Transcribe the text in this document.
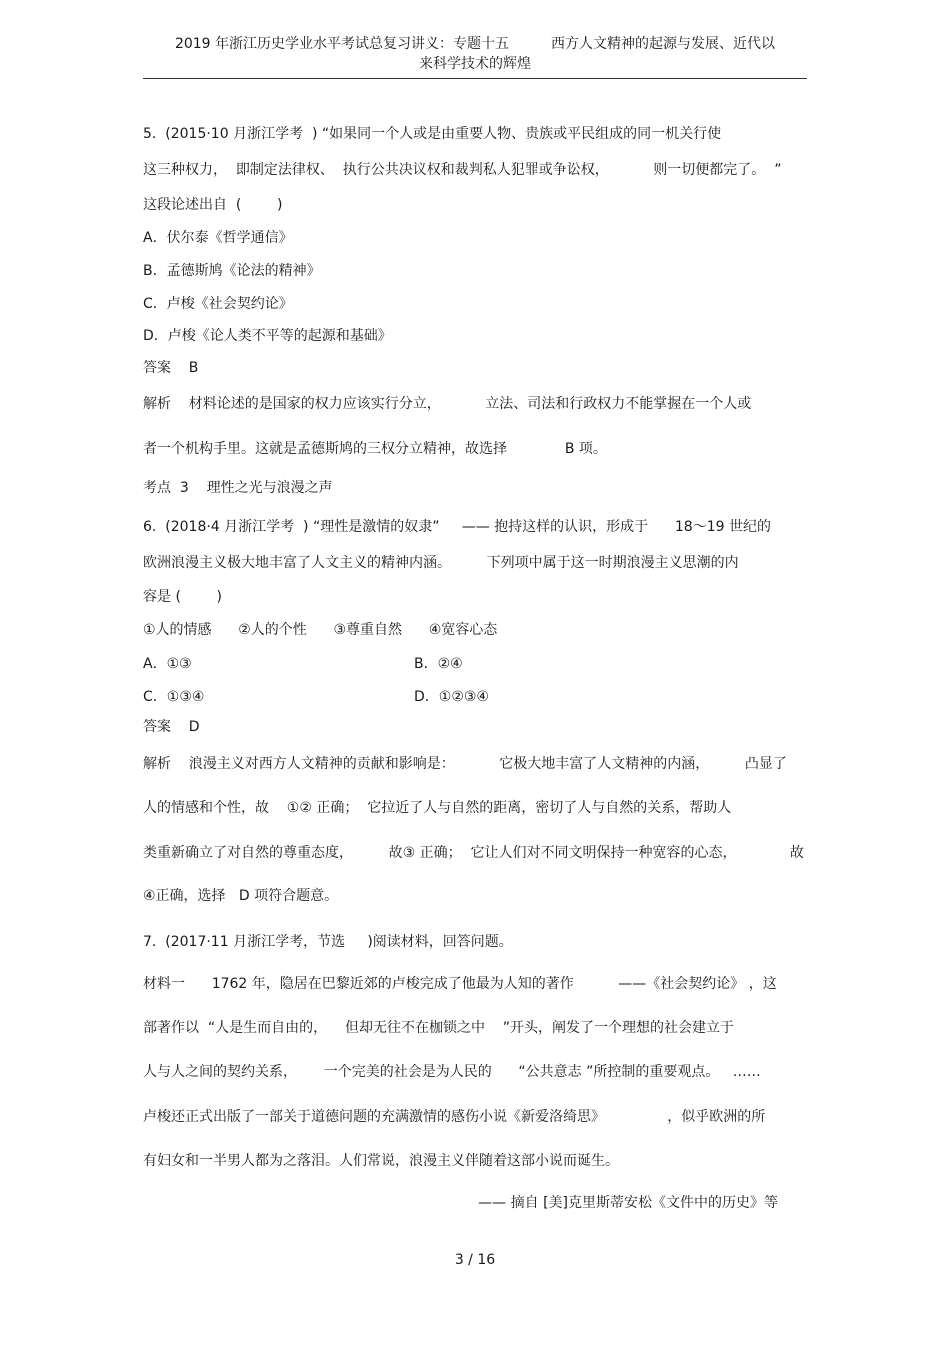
2019 年浙江历史学业水平考试总复习讲义：专题十五　　　西方人文精神的起源与发展、近代以
来科学技术的辉煌
5.  (2015·10 月浙江学考  ) “如果同一个人或是由重要人物、贵族或平民组成的同一机关行使
这三种权力，  即制定法律权、  执行公共决议权和裁判私人犯罪或争讼权，          则一切便都完了。  ”
这段论述出自  (        )
A．伏尔泰《哲学通信》
B．孟德斯鸠《论法的精神》
C．卢梭《社会契约论》
D．卢梭《论人类不平等的起源和基础》
答案    B
解析    材料论述的是国家的权力应该实行分立，          立法、司法和行政权力不能掌握在一个人或
者一个机构手里。这就是孟德斯鸠的三权分立精神，故选择             B 项。
考点  3    理性之光与浪漫之声
6.  (2018·4 月浙江学考  ) “理性是激情的奴隶”     —— 抱持这样的认识，形成于      18～19 世纪的
欧洲浪漫主义极大地丰富了人文主义的精神内涵。        下列项中属于这一时期浪漫主义思潮的内
容是 (        )
①人的情感      ②人的个性      ③尊重自然      ④宽容心态
A．①③	B．②④
C．①③④	D．①②③④
答案    D
解析    浪漫主义对西方人文精神的贡献和影响是：          它极大地丰富了人文精神的内涵，        凸显了
人的情感和个性，故    ①② 正确；  它拉近了人与自然的距离，密切了人与自然的关系，帮助人
类重新确立了对自然的尊重态度，        故③ 正确；  它让人们对不同文明保持一种宽容的心态，            故
④正确，选择   D 项符合题意。
7.  (2017·11 月浙江学考，节选     )阅读材料，回答问题。
材料一      1762 年，隐居在巴黎近郊的卢梭完成了他最为人知的著作          ——《社会契约论》 ，这
部著作以  “人是生而自由的，    但却无往不在枷锁之中    ”开头，阐发了一个理想的社会建立于
人与人之间的契约关系，      一个完美的社会是为人民的      “公共意志 ”所控制的重要观点。   ……
卢梭还正式出版了一部关于道德问题的充满激情的感伤小说《新爱洛绮思》              ，似乎欧洲的所
有妇女和一半男人都为之落泪。人们常说，浪漫主义伴随着这部小说而诞生。
—— 摘自 [美]克里斯蒂安松《文件中的历史》等
3 / 16
